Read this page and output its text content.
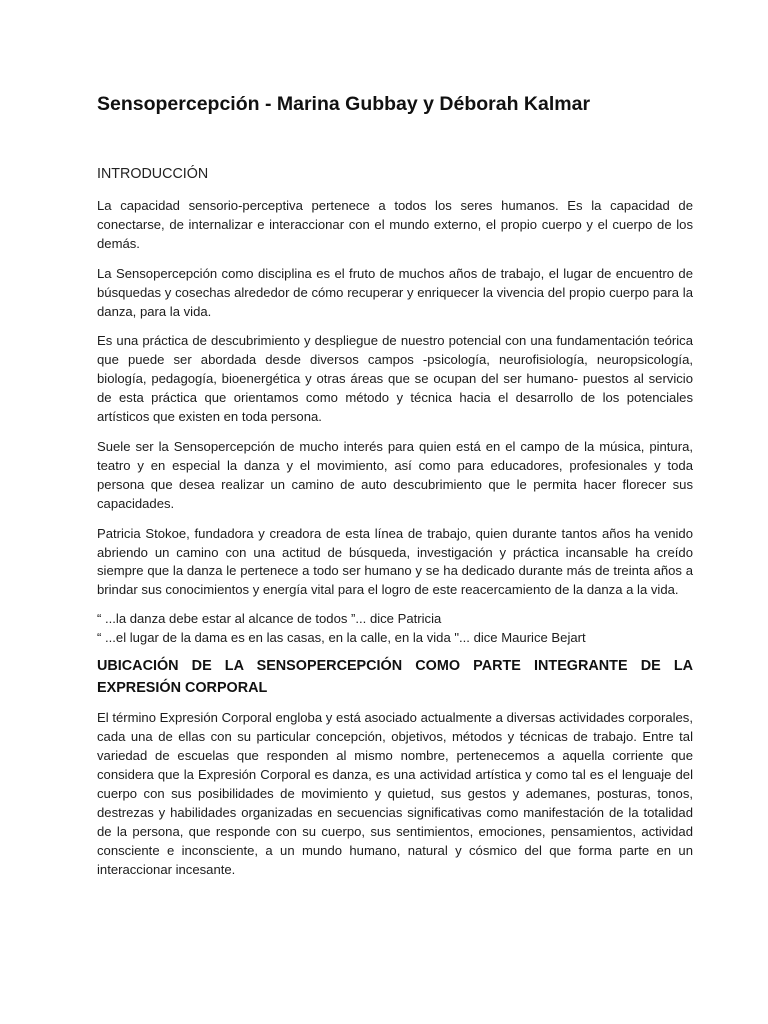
Sensopercepción - Marina Gubbay y Déborah Kalmar
INTRODUCCIÓN

La capacidad sensorio-perceptiva pertenece a todos los seres humanos. Es la capacidad de conectarse, de internalizar e interaccionar con el mundo externo, el propio cuerpo y el cuerpo de los demás.

La Sensopercepción como disciplina es el fruto de muchos años de trabajo, el lugar de encuentro de búsquedas y cosechas alrededor de cómo recuperar y enriquecer la vivencia del propio cuerpo para la danza, para la vida.

Es una práctica de descubrimiento y despliegue de nuestro potencial con una fundamentación teórica que puede ser abordada desde diversos campos -psicología, neurofisiología, neuropsicología, biología, pedagogía, bioenergética y otras áreas que se ocupan del ser humano- puestos al servicio de esta práctica que orientamos como método y técnica hacia el desarrollo de los potenciales artísticos que existen en toda persona.

Suele ser la Sensopercepción de mucho interés para quien está en el campo de la música, pintura, teatro y en especial la danza y el movimiento, así como para educadores, profesionales y toda persona que desea realizar un camino de auto descubrimiento que le permita hacer florecer sus capacidades.

Patricia Stokoe, fundadora y creadora de esta línea de trabajo, quien durante tantos años ha venido abriendo un camino con una actitud de búsqueda, investigación y práctica incansable ha creído siempre que la danza le pertenece a todo ser humano y se ha dedicado durante más de treinta años a brindar sus conocimientos y energía vital para el logro de este reacercamiento de la danza a la vida.

“ ...la danza debe estar al alcance de todos ”... dice Patricia
“ ...el lugar de la dama es en las casas, en la calle, en la vida "... dice Maurice Bejart
UBICACIÓN DE LA SENSOPERCEPCIÓN COMO PARTE INTEGRANTE DE LA EXPRESIÓN CORPORAL

El término Expresión Corporal engloba y está asociado actualmente a diversas actividades corporales, cada una de ellas con su particular concepción, objetivos, métodos y técnicas de trabajo. Entre tal variedad de escuelas que responden al mismo nombre, pertenecemos a aquella corriente que considera que la Expresión Corporal es danza, es una actividad artística y como tal es el lenguaje del cuerpo con sus posibilidades de movimiento y quietud, sus gestos y ademanes, posturas, tonos, destrezas y habilidades organizadas en secuencias significativas como manifestación de la totalidad de la persona, que responde con su cuerpo, sus sentimientos, emociones, pensamientos, actividad consciente e inconsciente, a un mundo humano, natural y cósmico del que forma parte en un interaccionar incesante.
